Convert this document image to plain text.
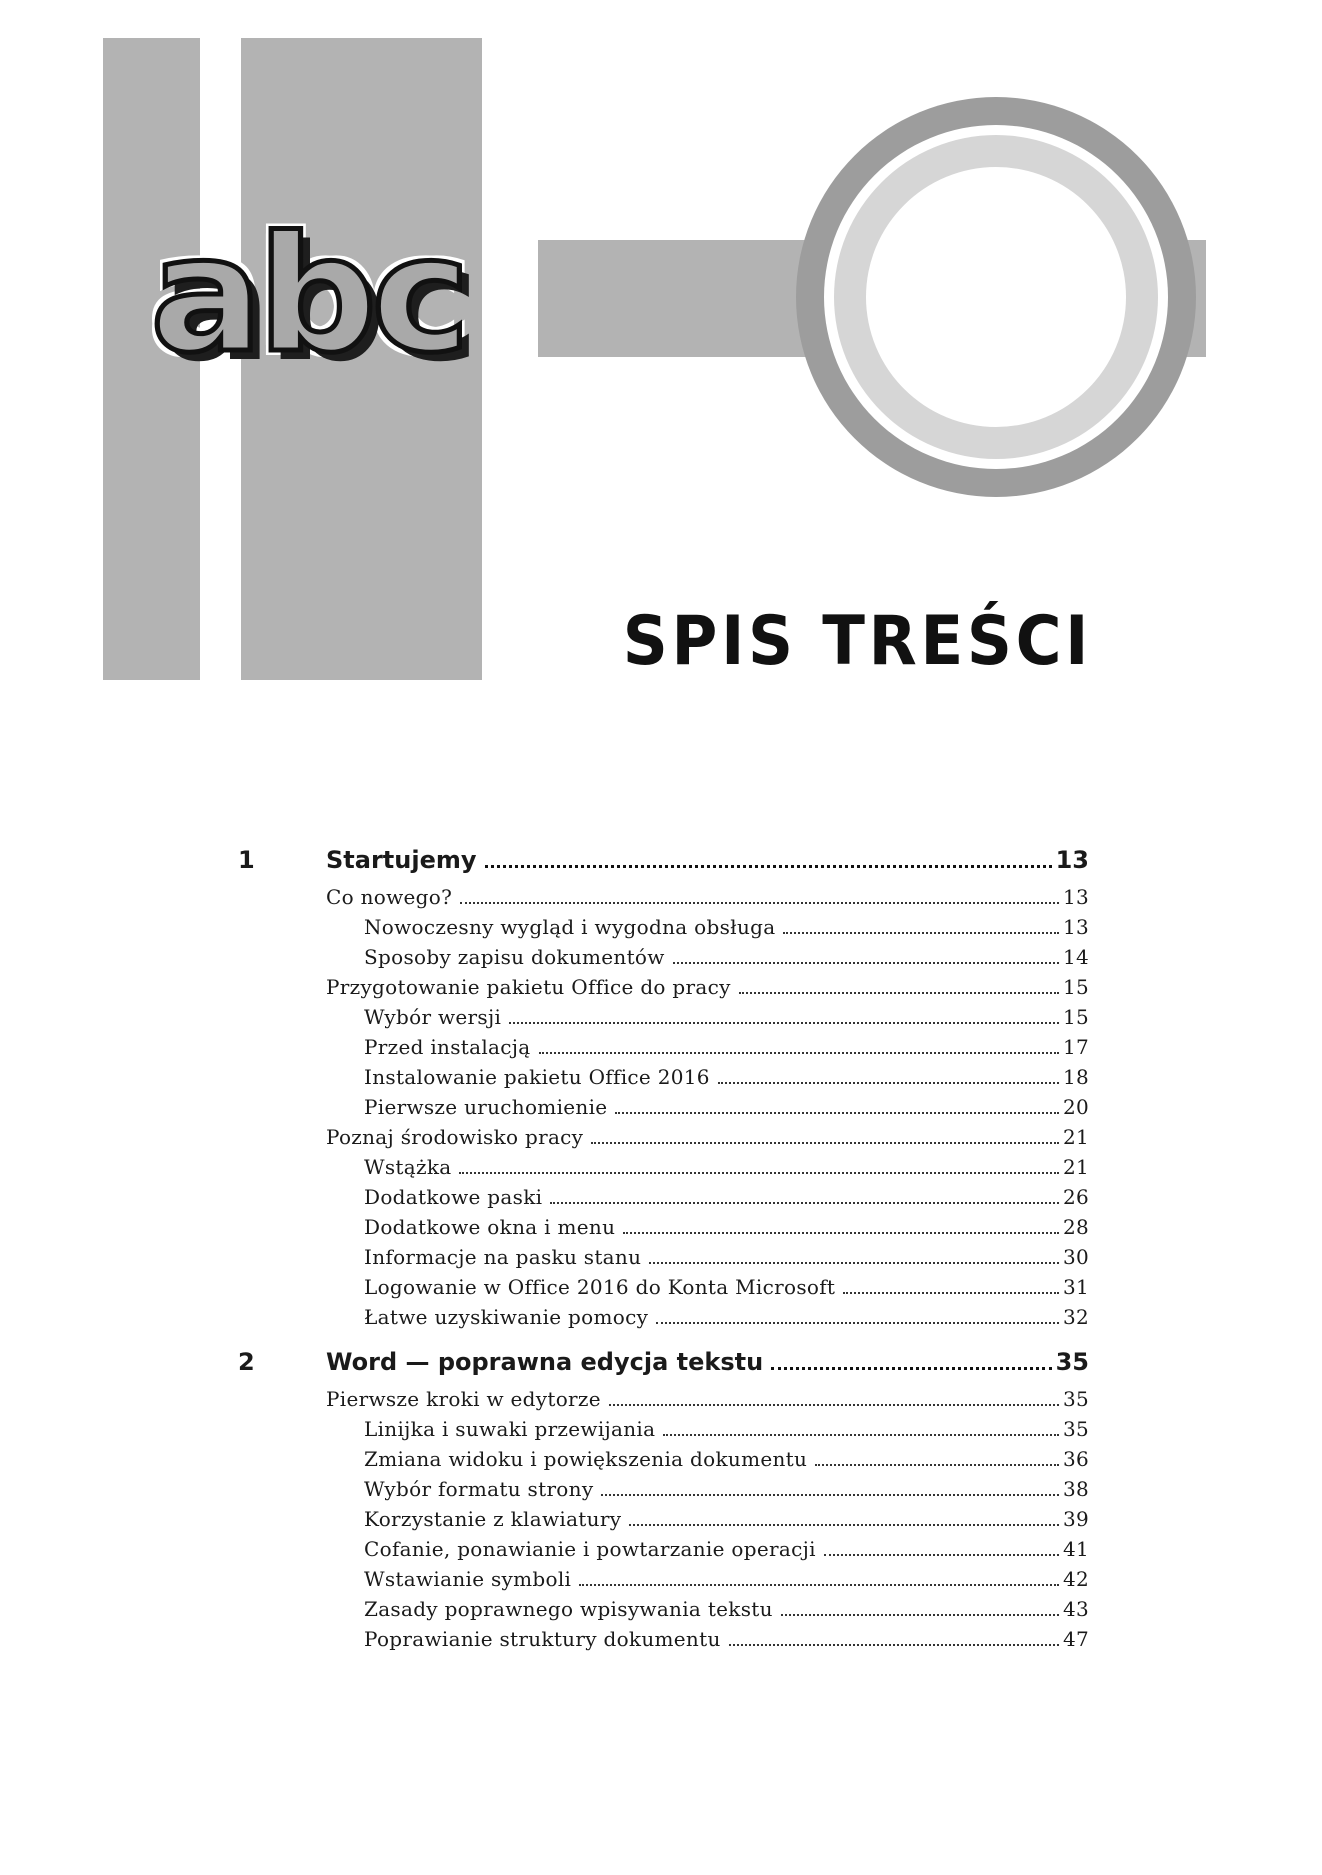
abc
SPIS TREŚCI
1	Startujemy	13
Co nowego?	13
Nowoczesny wygląd i wygodna obsługa	13
Sposoby zapisu dokumentów	14
Przygotowanie pakietu Office do pracy	15
Wybór wersji	15
Przed instalacją	17
Instalowanie pakietu Office 2016	18
Pierwsze uruchomienie	20
Poznaj środowisko pracy	21
Wstążka	21
Dodatkowe paski	26
Dodatkowe okna i menu	28
Informacje na pasku stanu	30
Logowanie w Office 2016 do Konta Microsoft	31
Łatwe uzyskiwanie pomocy	32
2	Word — poprawna edycja tekstu	35
Pierwsze kroki w edytorze	35
Linijka i suwaki przewijania	35
Zmiana widoku i powiększenia dokumentu	36
Wybór formatu strony	38
Korzystanie z klawiatury	39
Cofanie, ponawianie i powtarzanie operacji	41
Wstawianie symboli	42
Zasady poprawnego wpisywania tekstu	43
Poprawianie struktury dokumentu	47
